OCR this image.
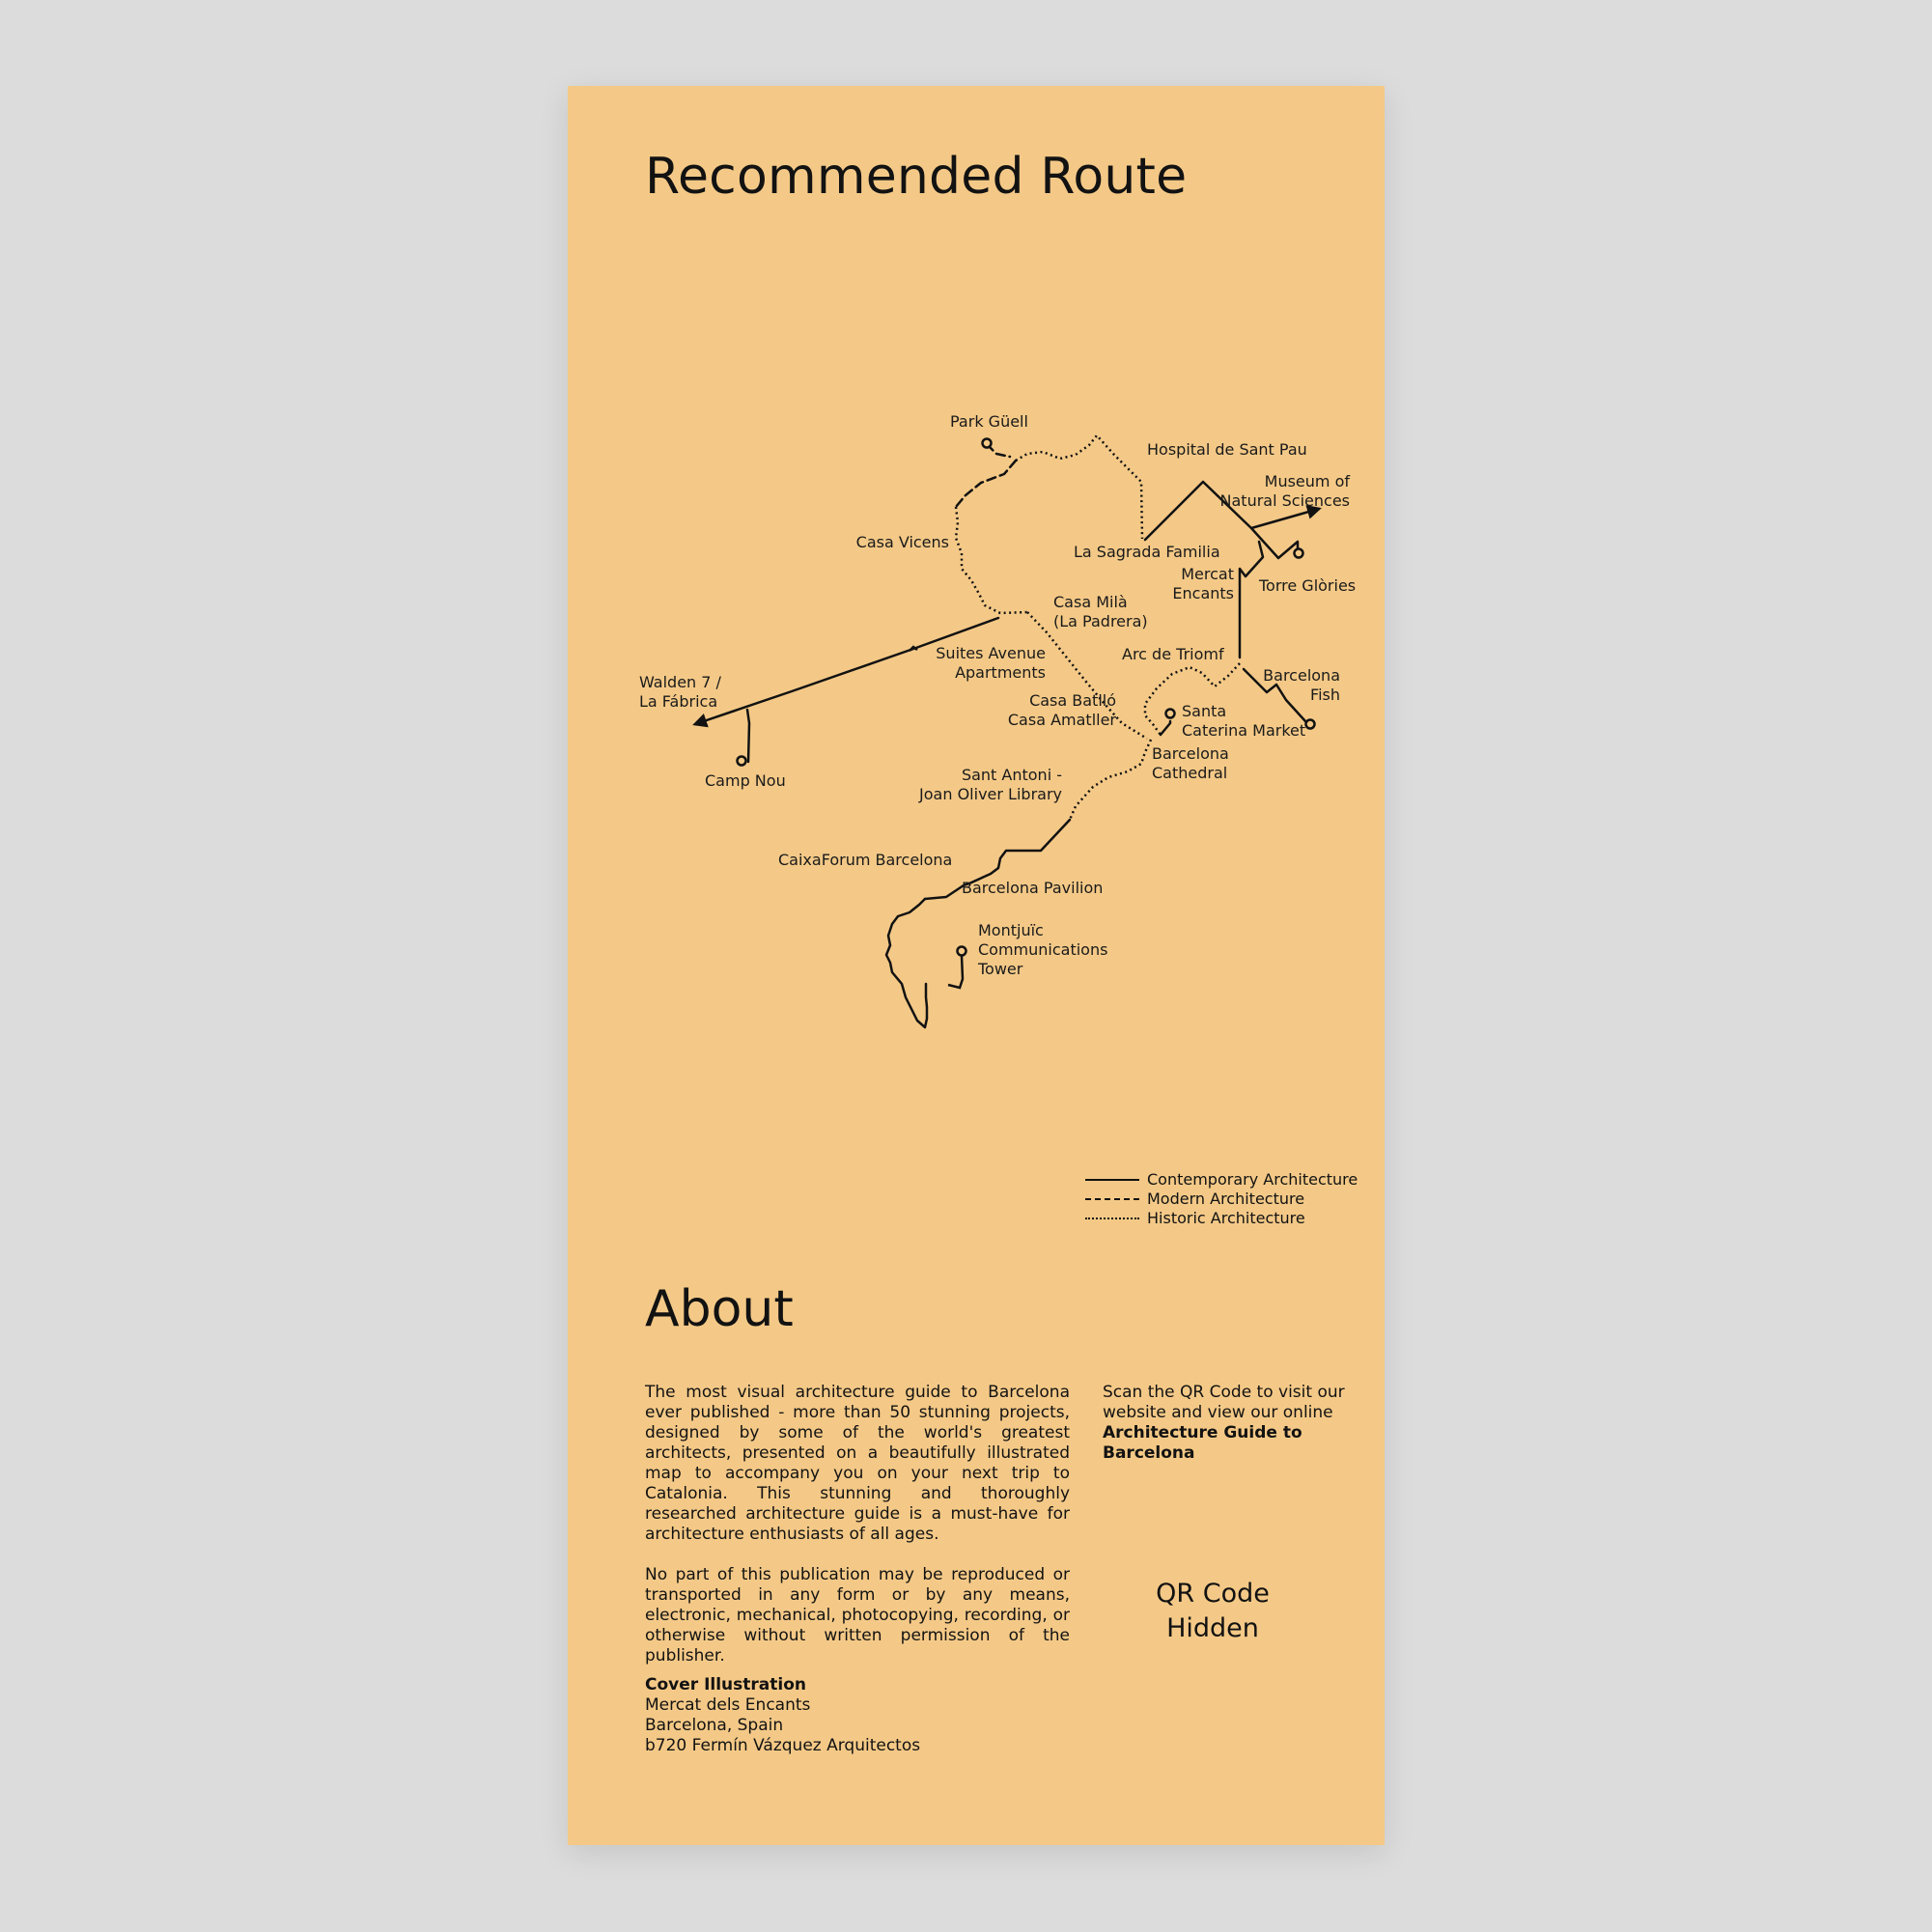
Recommended Route
Park Güell
Hospital de Sant Pau
Museum of
Natural Sciences
Casa Vicens
La Sagrada Familia
Mercat
Encants Torre Glòries
Casa Milà
(La Padrera)
Suites Avenue
Apartments
Arc de Triomf
Walden 7 /
La Fábrica
Barcelona
Fish
Casa Batlló
Casa Amatller	Santa
Caterina Market
Barcelona
Cathedral
Camp Nou	Sant Antoni -
Joan Oliver Library
CaixaForum Barcelona
Barcelona Pavilion
Montjuïc
Communications
Tower
Contemporary Architecture
Modern Architecture
Historic Architecture
About

The most visual architecture guide to Barcelona ever published - more than 50 stunning projects, designed by some of the world's greatest architects, presented on a beautifully illustrated map to accompany you on your next trip to Catalonia. This stunning and thoroughly researched architecture guide is a must-have for architecture enthusiasts of all ages.

No part of this publication may be reproduced or transported in any form or by any means, electronic, mechanical, photocopying, recording, or otherwise without written permission of the publisher.

Cover Illustration
Mercat dels Encants
Barcelona, Spain
b720 Fermín Vázquez Arquitectos
Scan the QR Code to visit our website and view our online Architecture Guide to Barcelona
QR Code
Hidden
